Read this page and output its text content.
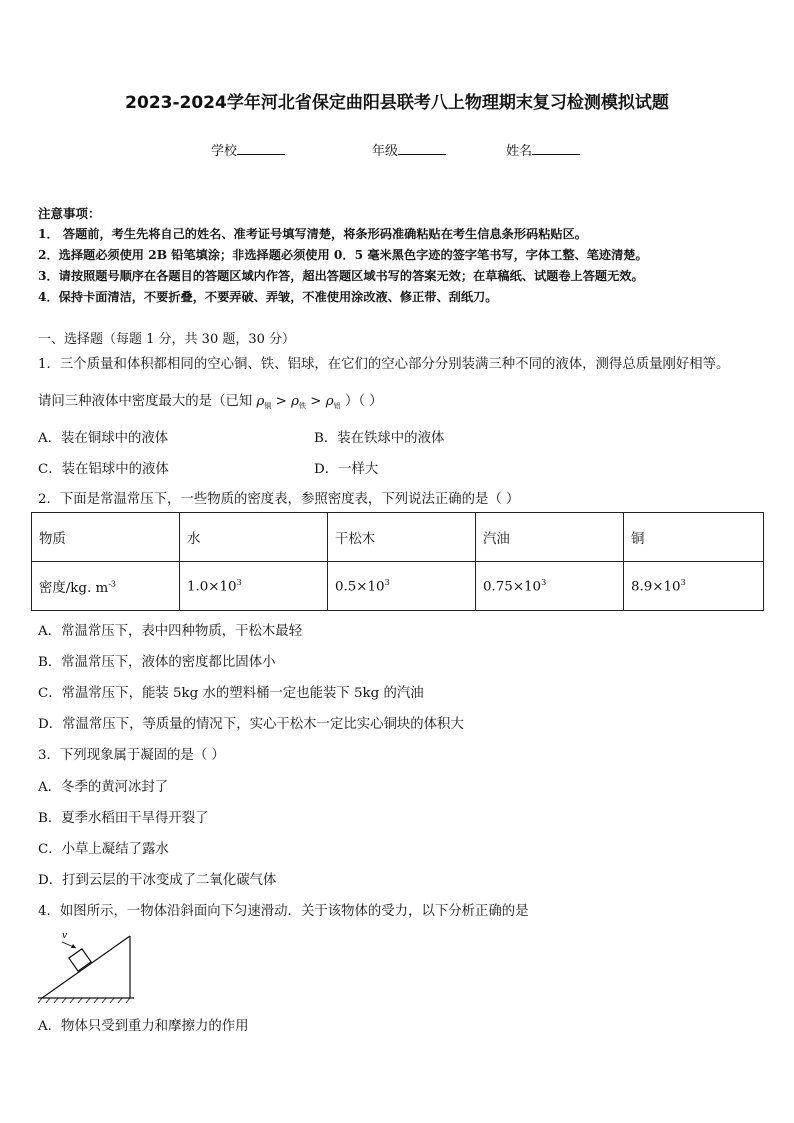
2023-2024学年河北省保定曲阳县联考八上物理期末复习检测模拟试题
学校	年级	姓名
注意事项：
1． 答题前，考生先将自己的姓名、准考证号填写清楚，将条形码准确粘贴在考生信息条形码粘贴区。
2．选择题必须使用 2B 铅笔填涂；非选择题必须使用 0．5 毫米黑色字迹的签字笔书写，字体工整、笔迹清楚。
3．请按照题号顺序在各题目的答题区域内作答，超出答题区域书写的答案无效；在草稿纸、试题卷上答题无效。
4．保持卡面清洁，不要折叠，不要弄破、弄皱，不准使用涂改液、修正带、刮纸刀。
一、选择题（每题 1 分，共 30 题，30 分）
1．三个质量和体积都相同的空心铜、铁、铝球，在它们的空心部分分别装满三种不同的液体，测得总质量刚好相等。
请问三种液体中密度最大的是（已知 $\rho_铜 > \rho_铁 > \rho_铝$ ）（ ）
A．装在铜球中的液体	B．装在铁球中的液体
C．装在铝球中的液体	D．一样大
2．下面是常温常压下，一些物质的密度表，参照密度表，下列说法正确的是（ ）
物质	水	干松木	汽油	铜
密度/kg. $m^{-3}$	$1.0\times 10^3$	$0.5\times 10^3$	$0.75\times 10^3$	$8.9\times 10^3$
A．常温常压下，表中四种物质，干松木最轻
B．常温常压下，液体的密度都比固体小
C．常温常压下，能装 5kg 水的塑料桶一定也能装下 5kg 的汽油
D．常温常压下，等质量的情况下，实心干松木一定比实心铜块的体积大
3．下列现象属于凝固的是（ ）
A．冬季的黄河冰封了
B．夏季水稻田干旱得开裂了
C．小草上凝结了露水
D．打到云层的干冰变成了二氧化碳气体
4．如图所示，一物体沿斜面向下匀速滑动．关于该物体的受力，以下分析正确的是
v
A．物体只受到重力和摩擦力的作用
